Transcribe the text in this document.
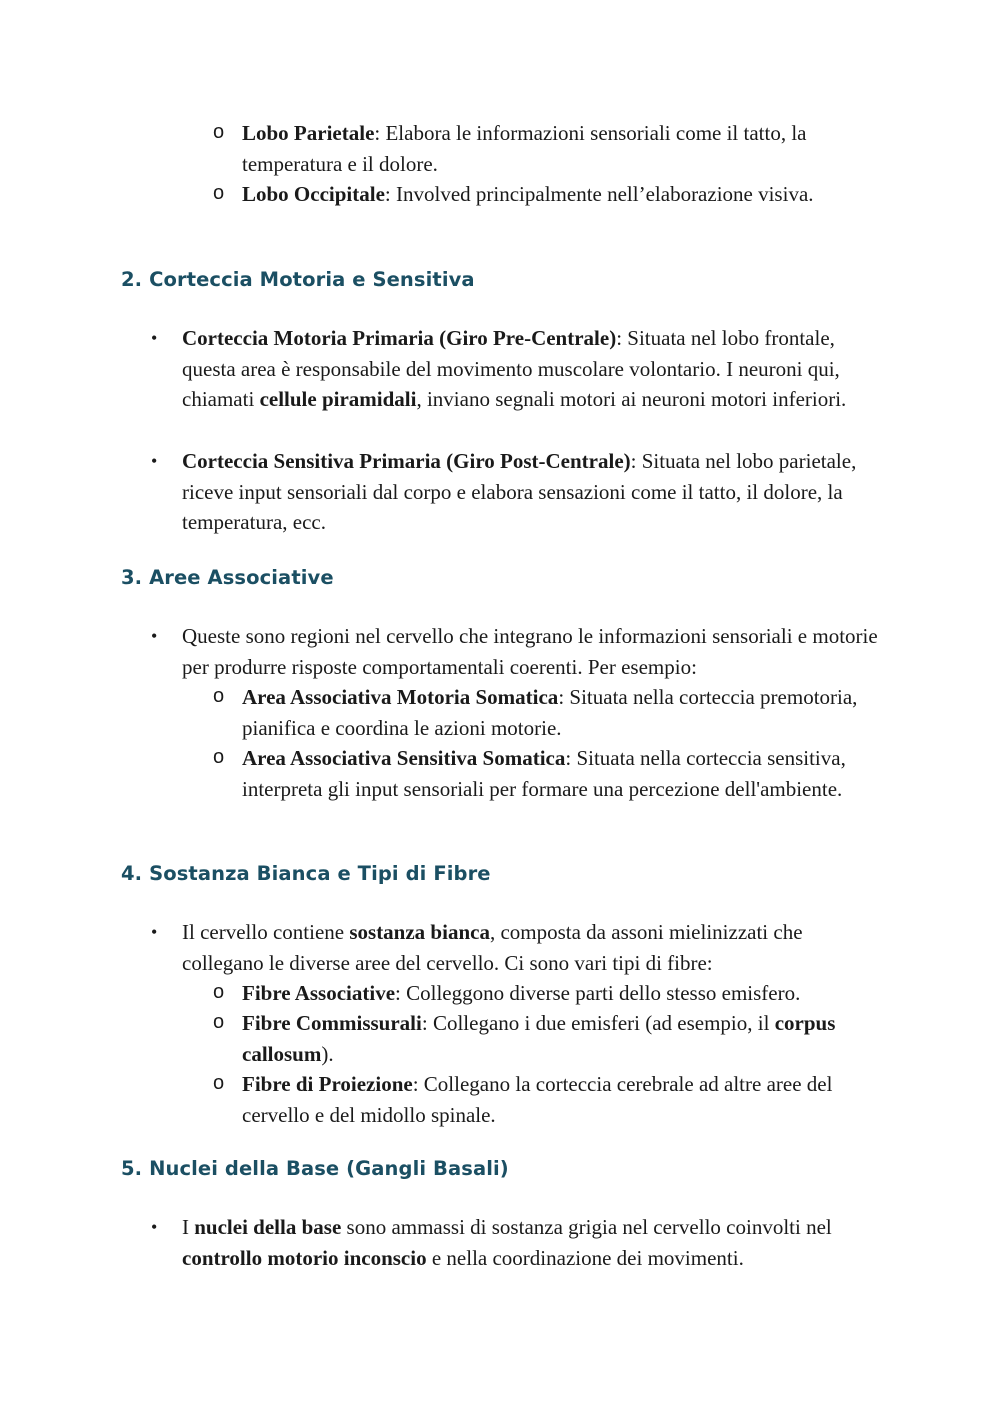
o Lobo Parietale: Elabora le informazioni sensoriali come il tatto, la temperatura e il dolore.
o Lobo Occipitale: Involved principalmente nell’elaborazione visiva.
2. Corteccia Motoria e Sensitiva
• Corteccia Motoria Primaria (Giro Pre-Centrale): Situata nel lobo frontale, questa area è responsabile del movimento muscolare volontario. I neuroni qui, chiamati cellule piramidali, inviano segnali motori ai neuroni motori inferiori.
• Corteccia Sensitiva Primaria (Giro Post-Centrale): Situata nel lobo parietale, riceve input sensoriali dal corpo e elabora sensazioni come il tatto, il dolore, la temperatura, ecc.
3. Aree Associative
• Queste sono regioni nel cervello che integrano le informazioni sensoriali e motorie per produrre risposte comportamentali coerenti. Per esempio:
o Area Associativa Motoria Somatica: Situata nella corteccia premotoria, pianifica e coordina le azioni motorie.
o Area Associativa Sensitiva Somatica: Situata nella corteccia sensitiva, interpreta gli input sensoriali per formare una percezione dell'ambiente.
4. Sostanza Bianca e Tipi di Fibre
• Il cervello contiene sostanza bianca, composta da assoni mielinizzati che collegano le diverse aree del cervello. Ci sono vari tipi di fibre:
o Fibre Associative: Colleggono diverse parti dello stesso emisfero.
o Fibre Commissurali: Collegano i due emisferi (ad esempio, il corpus callosum).
o Fibre di Proiezione: Collegano la corteccia cerebrale ad altre aree del cervello e del midollo spinale.
5. Nuclei della Base (Gangli Basali)
• I nuclei della base sono ammassi di sostanza grigia nel cervello coinvolti nel controllo motorio inconscio e nella coordinazione dei movimenti.
